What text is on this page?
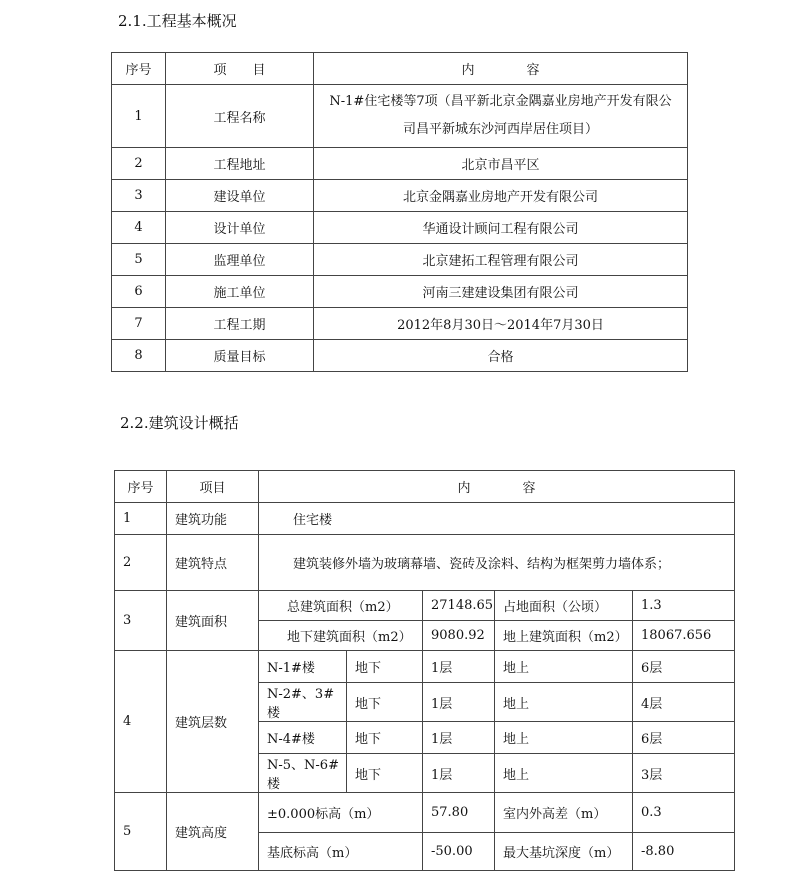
2.1.工程基本概况
序号	项　　目	内　　　　容
1	工程名称	N-1#住宅楼等7项（昌平新北京金隅嘉业房地产开发有限公
司昌平新城东沙河西岸居住项目）

2	工程地址	北京市昌平区
3	建设单位	北京金隅嘉业房地产开发有限公司
4	设计单位	华通设计顾问工程有限公司
5	监理单位	北京建拓工程管理有限公司
6	施工单位	河南三建建设集团有限公司
7	工程工期	2012年8月30日～2014年7月30日
8	质量目标	合格
2.2.建筑设计概括
序号	项目	内　　　　容				
1	建筑功能	住宅楼				
2	建筑特点	建筑装修外墙为玻璃幕墙、瓷砖及涂料、结构为框架剪力墙体系；				
3	建筑面积	总建筑面积（m2）		27148.65	占地面积（公顷）	1.3
		地下建筑面积（m2）		9080.92	地上建筑面积（m2）	18067.656
4	建筑层数	N-1#楼	地下	1层	地上	6层
		N-2#、3#楼	地下	1层	地上	4层
		N-4#楼	地下	1层	地上	6层
		N-5、N-6#楼	地下	1层	地上	3层
5	建筑高度	±0.000标高（m）		57.80	室内外高差（m）	0.3
		基底标高（m）		-50.00	最大基坑深度（m）	-8.80
